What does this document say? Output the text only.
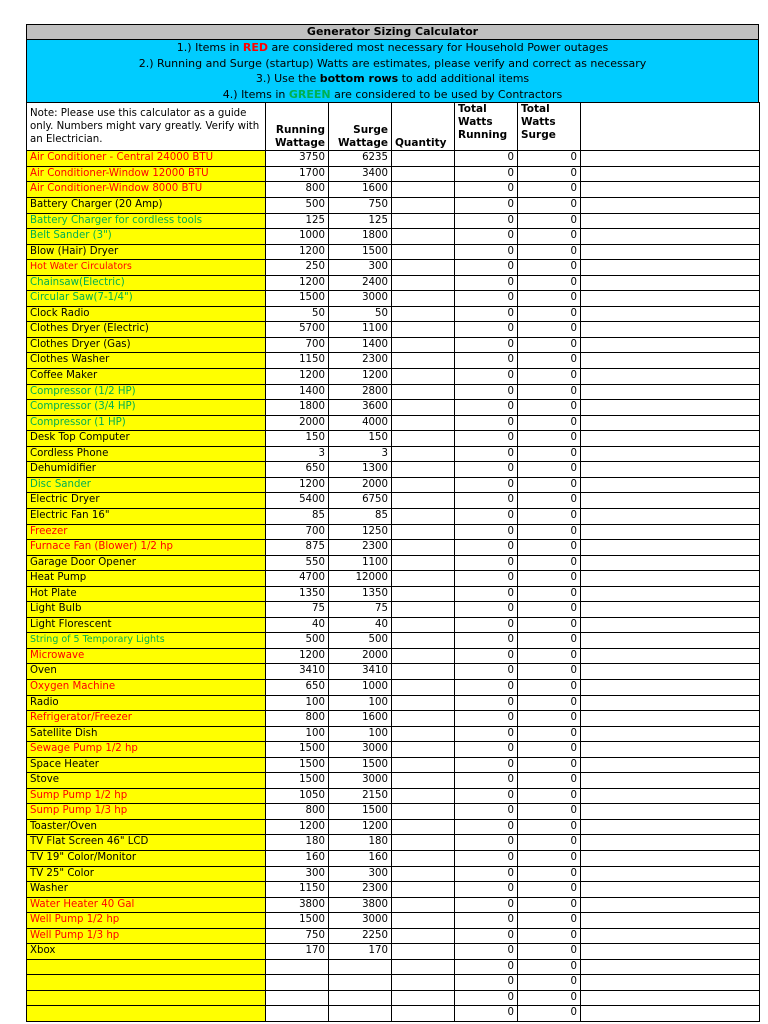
Generator Sizing Calculator
1.) Items in RED are considered most necessary for Household Power outages
2.) Running and Surge (startup) Watts are estimates, please verify and correct as necessary
3.) Use the bottom rows to add additional items
4.) Items in GREEN are considered to be used by Contractors
Note: Please use this calculator as a guide only. Numbers might vary greatly. Verify with an Electrician.	Running Wattage	Surge Wattage	Quantity	Total Watts Running	Total Watts Surge	
Air Conditioner - Central 24000 BTU	3750	6235		0	0	
Air Conditioner-Window 12000 BTU	1700	3400		0	0	
Air Conditioner-Window 8000 BTU	800	1600		0	0	
Battery Charger (20 Amp)	500	750		0	0	
Battery Charger for cordless tools	125	125		0	0	
Belt Sander (3")	1000	1800		0	0	
Blow (Hair) Dryer	1200	1500		0	0	
Hot Water Circulators	250	300		0	0	
Chainsaw(Electric)	1200	2400		0	0	
Circular Saw(7-1/4")	1500	3000		0	0	
Clock Radio	50	50		0	0	
Clothes Dryer (Electric)	5700	1100		0	0	
Clothes Dryer (Gas)	700	1400		0	0	
Clothes Washer	1150	2300		0	0	
Coffee Maker	1200	1200		0	0	
Compressor (1/2 HP)	1400	2800		0	0	
Compressor (3/4 HP)	1800	3600		0	0	
Compressor (1 HP)	2000	4000		0	0	
Desk Top Computer	150	150		0	0	
Cordless Phone	3	3		0	0	
Dehumidifier	650	1300		0	0	
Disc Sander	1200	2000		0	0	
Electric Dryer	5400	6750		0	0	
Electric Fan 16"	85	85		0	0	
Freezer	700	1250		0	0	
Furnace Fan (Blower) 1/2 hp	875	2300		0	0	
Garage Door Opener	550	1100		0	0	
Heat Pump	4700	12000		0	0	
Hot Plate	1350	1350		0	0	
Light Bulb	75	75		0	0	
Light Florescent	40	40		0	0	
String of 5 Temporary Lights	500	500		0	0	
Microwave	1200	2000		0	0	
Oven	3410	3410		0	0	
Oxygen Machine	650	1000		0	0	
Radio	100	100		0	0	
Refrigerator/Freezer	800	1600		0	0	
Satellite Dish	100	100		0	0	
Sewage Pump 1/2 hp	1500	3000		0	0	
Space Heater	1500	1500		0	0	
Stove	1500	3000		0	0	
Sump Pump 1/2 hp	1050	2150		0	0	
Sump Pump 1/3 hp	800	1500		0	0	
Toaster/Oven	1200	1200		0	0	
TV Flat Screen 46" LCD	180	180		0	0	
TV 19" Color/Monitor	160	160		0	0	
TV 25" Color	300	300		0	0	
Washer	1150	2300		0	0	
Water Heater 40 Gal	3800	3800		0	0	
Well Pump 1/2 hp	1500	3000		0	0	
Well Pump 1/3 hp	750	2250		0	0	
Xbox	170	170		0	0	
				0	0	
				0	0	
				0	0	
				0	0	
